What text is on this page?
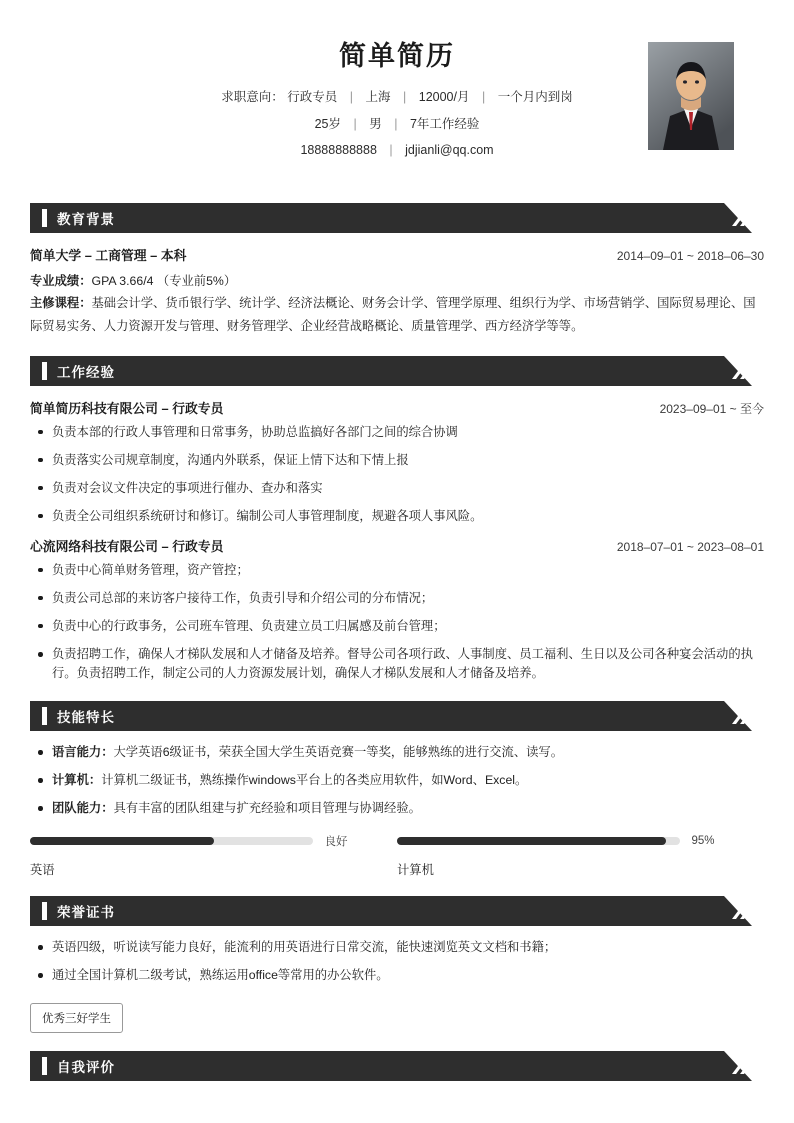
简单简历
求职意向： 行政专员 | 上海 | 12000/月 | 一个月内到岗
25岁 | 男 | 7年工作经验
18888888888 | jdjianli@qq.com
教育背景
简单大学 – 工商管理 – 本科	2014–09–01 ~ 2018–06–30
专业成绩：GPA 3.66/4 （专业前5%）
主修课程：基础会计学、货币银行学、统计学、经济法概论、财务会计学、管理学原理、组织行为学、市场营销学、国际贸易理论、国际贸易实务、人力资源开发与管理、财务管理学、企业经营战略概论、质量管理学、西方经济学等等。
工作经验
简单简历科技有限公司 – 行政专员	2023–09–01 ~ 至今
负责本部的行政人事管理和日常事务，协助总监搞好各部门之间的综合协调
负责落实公司规章制度，沟通内外联系，保证上情下达和下情上报
负责对会议文件决定的事项进行催办、查办和落实
负责全公司组织系统研讨和修订。编制公司人事管理制度，规避各项人事风险。
心流网络科技有限公司 – 行政专员	2018–07–01 ~ 2023–08–01
负责中心简单财务管理，资产管控；
负责公司总部的来访客户接待工作，负责引导和介绍公司的分布情况；
负责中心的行政事务，公司班车管理、负责建立员工归属感及前台管理；
负责招聘工作，确保人才梯队发展和人才储备及培养。督导公司各项行政、人事制度、员工福利、生日以及公司各种宴会活动的执行。负责招聘工作，制定公司的人力资源发展计划，确保人才梯队发展和人才储备及培养。
技能特长
语言能力：大学英语6级证书，荣获全国大学生英语竞赛一等奖，能够熟练的进行交流、读写。
计算机：计算机二级证书，熟练操作windows平台上的各类应用软件，如Word、Excel。
团队能力：具有丰富的团队组建与扩充经验和项目管理与协调经验。
良好
英语
95%
计算机
荣誉证书
英语四级，听说读写能力良好，能流利的用英语进行日常交流，能快速浏览英文文档和书籍；
通过全国计算机二级考试，熟练运用office等常用的办公软件。
优秀三好学生
自我评价
